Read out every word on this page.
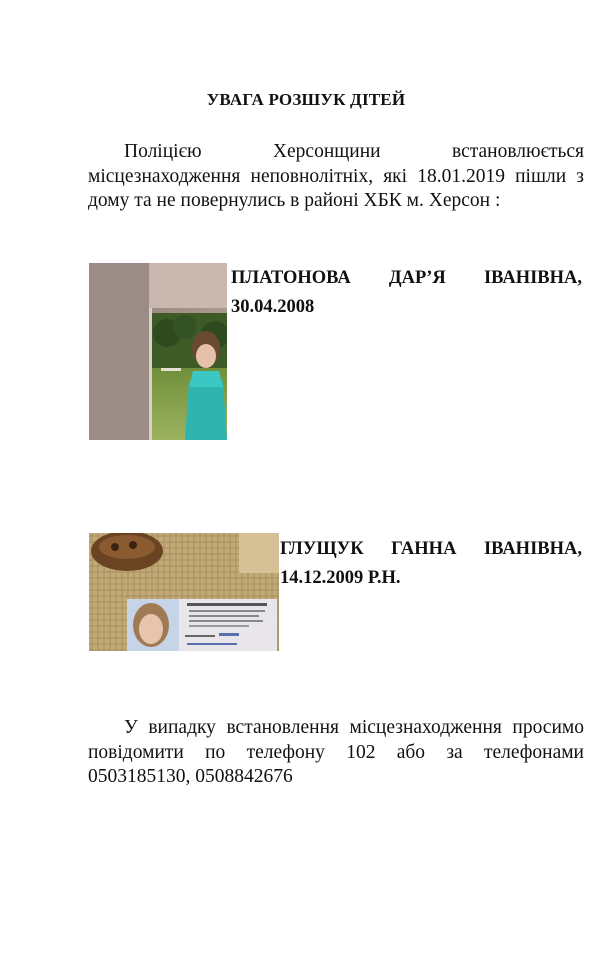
УВАГА РОЗШУК ДІТЕЙ
Поліцією Херсонщини встановлюється місцезнаходження неповнолітніх, які 18.01.2019 пішли з дому та не повернулись в районі ХБК м. Херсон :
ПЛАТОНОВА ДАР’Я ІВАНІВНА, 30.04.2008
ГЛУЩУК ГАННА ІВАНІВНА, 14.12.2009 Р.Н.
У випадку встановлення місцезнаходження просимо повідомити по телефону 102 або за телефонами 0503185130, 0508842676
